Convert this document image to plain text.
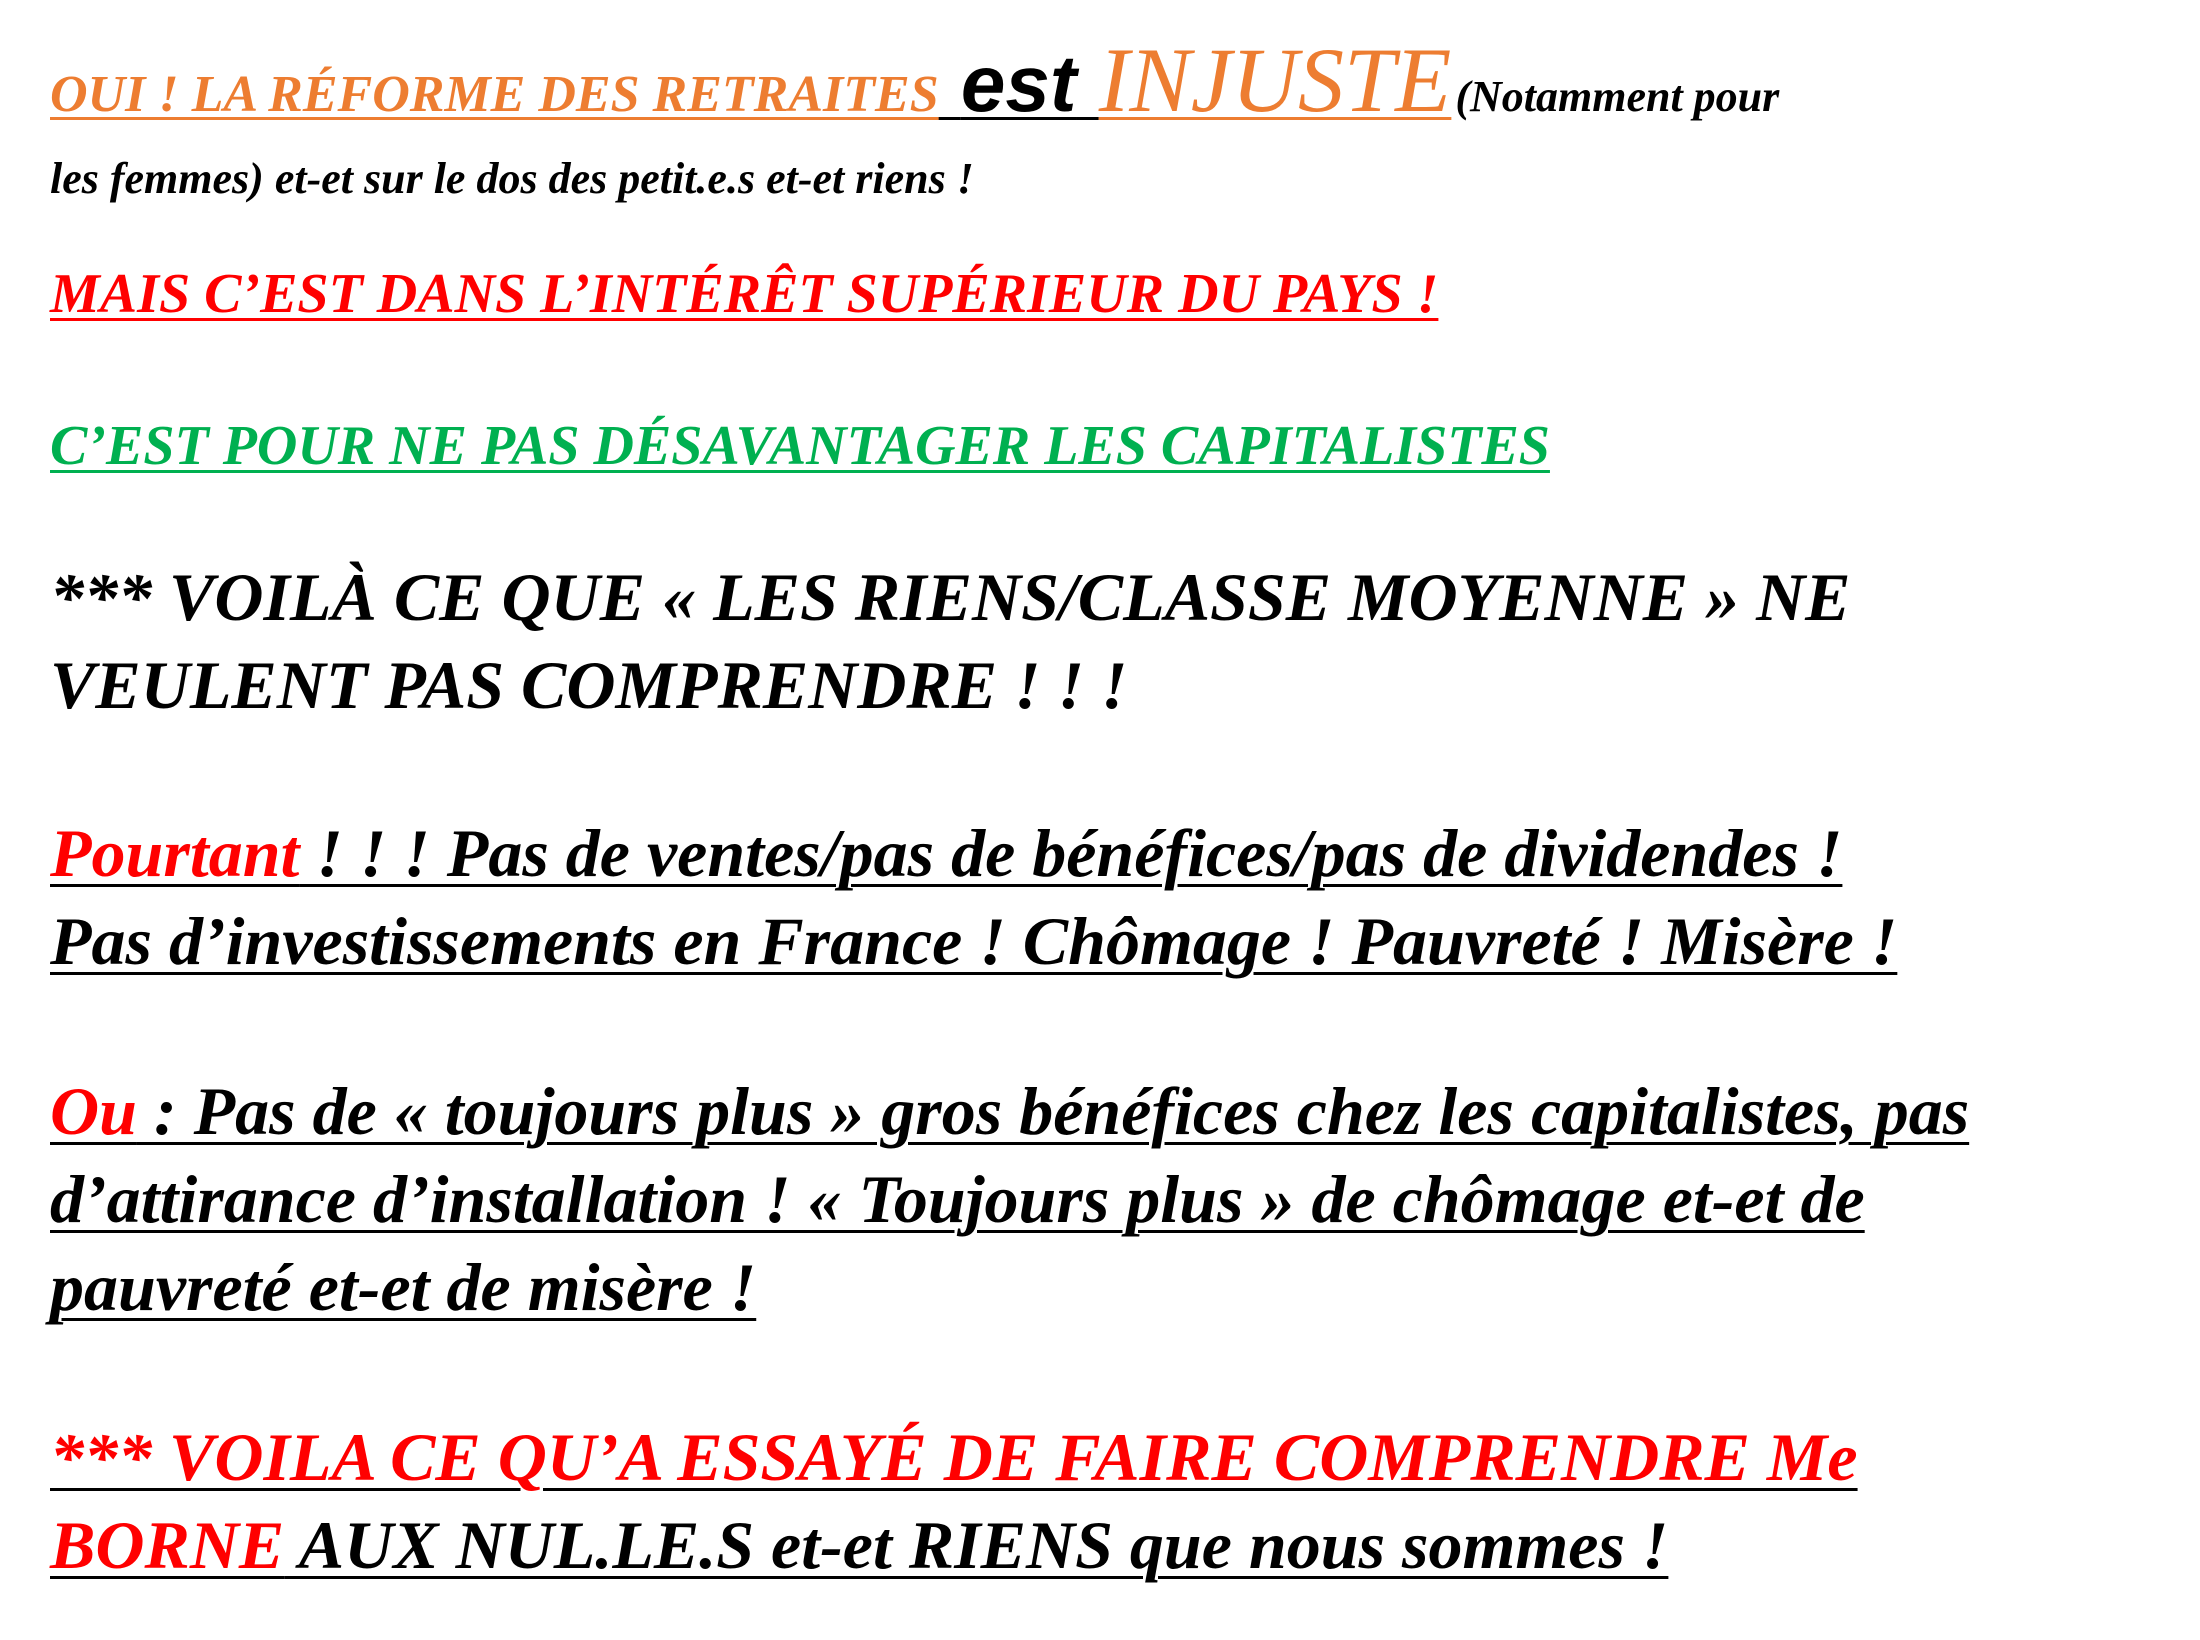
OUI ! LA RÉFORME DES RETRAITES est INJUSTE (Notamment pour
les femmes) et-et sur le dos des petit.e.s et-et riens !

MAIS C’EST DANS L’INTÉRÊT SUPÉRIEUR DU PAYS !

C’EST POUR NE PAS DÉSAVANTAGER LES CAPITALISTES

*** VOILÀ CE QUE « LES RIENS/CLASSE MOYENNE » NE
VEULENT PAS COMPRENDRE ! ! !

Pourtant ! ! ! Pas de ventes/pas de bénéfices/pas de dividendes !
Pas d’investissements en France ! Chômage ! Pauvreté ! Misère !

Ou : Pas de « toujours plus » gros bénéfices chez les capitalistes, pas
d’attirance d’installation ! « Toujours plus » de chômage et-et de
pauvreté et-et de misère !

*** VOILA CE QU’A ESSAYÉ DE FAIRE COMPRENDRE Me
BORNE AUX NUL.LE.S et-et RIENS que nous sommes !
